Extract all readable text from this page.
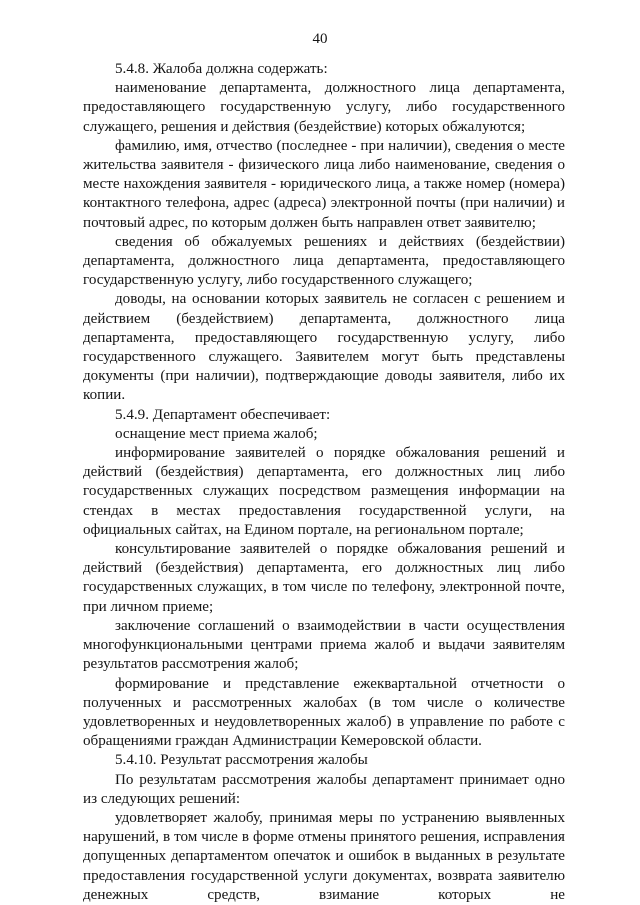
40

5.4.8. Жалоба должна содержать:

наименование департамента, должностного лица департамента, предоставляющего государственную услугу, либо государственного служащего, решения и действия (бездействие) которых обжалуются;

фамилию, имя, отчество (последнее - при наличии), сведения о месте жительства заявителя - физического лица либо наименование, сведения о месте нахождения заявителя - юридического лица, а также номер (номера) контактного телефона, адрес (адреса) электронной почты (при наличии) и почтовый адрес, по которым должен быть направлен ответ заявителю;

сведения об обжалуемых решениях и действиях (бездействии) департамента, должностного лица департамента, предоставляющего государственную услугу, либо государственного служащего;

доводы, на основании которых заявитель не согласен с решением и действием (бездействием) департамента, должностного лица департамента, предоставляющего государственную услугу, либо государственного служащего. Заявителем могут быть представлены документы (при наличии), подтверждающие доводы заявителя, либо их копии.

5.4.9. Департамент обеспечивает:

оснащение мест приема жалоб;

информирование заявителей о порядке обжалования решений и действий (бездействия) департамента, его должностных лиц либо государственных служащих посредством размещения информации на стендах в местах предоставления государственной услуги, на официальных сайтах, на Едином портале, на региональном портале;

консультирование заявителей о порядке обжалования решений и действий (бездействия) департамента, его должностных лиц либо государственных служащих, в том числе по телефону, электронной почте, при личном приеме;

заключение соглашений о взаимодействии в части осуществления многофункциональными центрами приема жалоб и выдачи заявителям результатов рассмотрения жалоб;

формирование и представление ежеквартальной отчетности о полученных и рассмотренных жалобах (в том числе о количестве удовлетворенных и неудовлетворенных жалоб) в управление по работе с обращениями граждан Администрации Кемеровской области.

5.4.10. Результат рассмотрения жалобы

По результатам рассмотрения жалобы департамент принимает одно из следующих решений:

удовлетворяет жалобу, принимая меры по устранению выявленных нарушений, в том числе в форме отмены принятого решения, исправления допущенных департаментом опечаток и ошибок в выданных в результате предоставления государственной услуги документах, возврата заявителю денежных средств, взимание которых не
